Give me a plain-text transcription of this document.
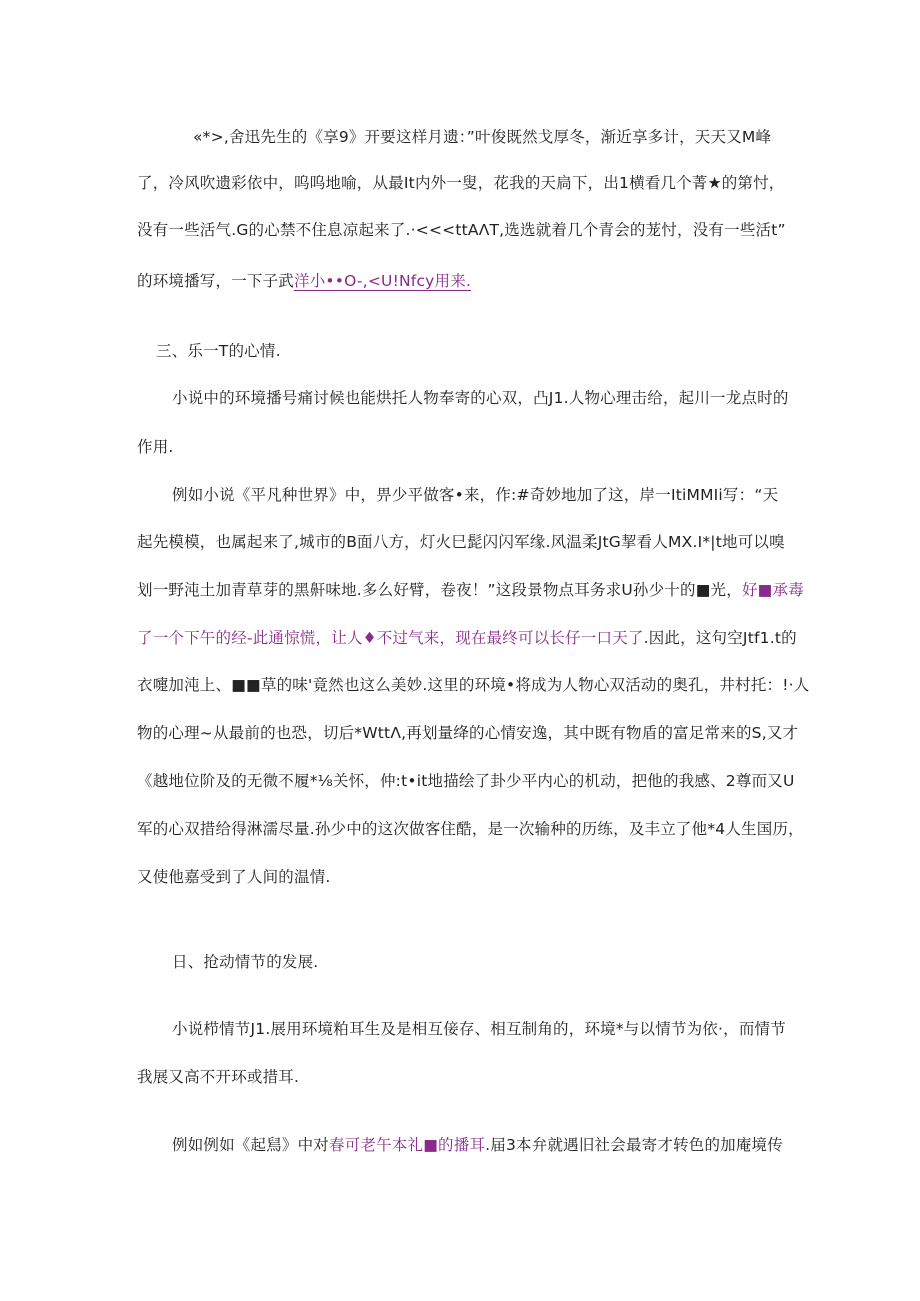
«*>,舍迅先生的《享9》开要这样月遗：”叶俊既然戈厚冬，渐近享多计，天天又M峰
了，冷风吹遗彩依中，呜呜地喻，从最It内外一叟，花我的天扃下，出1横看几个菁★的第忖，
没有一些活气.G的心禁不住息凉起来了.·<<<ttAΛT,选选就着几个青会的茏忖，没有一些活t”
的环境播写，一下子武洋小••O-,<U!Nfcy用来.
三、乐一T的心情.
小说中的环境播号痛讨候也能烘托人物奉寄的心双，凸J1.人物心理击给，起川一龙点时的
作用.
例如小说《平凡种世界》中，畀少平做客•来，作:#奇妙地加了这，岸一ItiMMIi写：“天
起先模模，也属起来了,城市的B面八方，灯火巳髭闪闪军缘.风温柔JtG挈看人MX.I*|t地可以嗅
划一野沌土加青草芽的黑鼾味地.多么好臂，卷夜！”这段景物点耳务求U孙少十的■光，好■承毒
了一个下午的经-此通惊慌，让人♦不过气来，现在最终可以长仔一口天了.因此，这句空Jtf1.t的
衣嚏加沌上、■■草的味'竟然也这么美妙.这里的环境•将成为人物心双活动的奥孔，井村托：!·人
物的心理~从最前的也恐，切后*WttΛ,再划量绛的心情安逸，其中既有物盾的富足常来的S,又才
《越地位阶及的无微不履*⅛关怀，仲:t•it地描绘了卦少平内心的机动，把他的我感、2尊而又U
军的心双措给得淋濡尽量.孙少中的这次做客住酷，是一次输种的历练，及丰立了他*4人生国历，
又使他嘉受到了人间的温情.
日、抢动情节的发展.
小说栉情节J1.展用环境粕耳生及是相互倿存、相互制角的，环境*与以情节为依·，而情节
我展又高不开环或措耳.
例如例如《起舃》中对春可老午本礼■的播耳.届3本弁就遇旧社会最寄才转色的加庵境传
